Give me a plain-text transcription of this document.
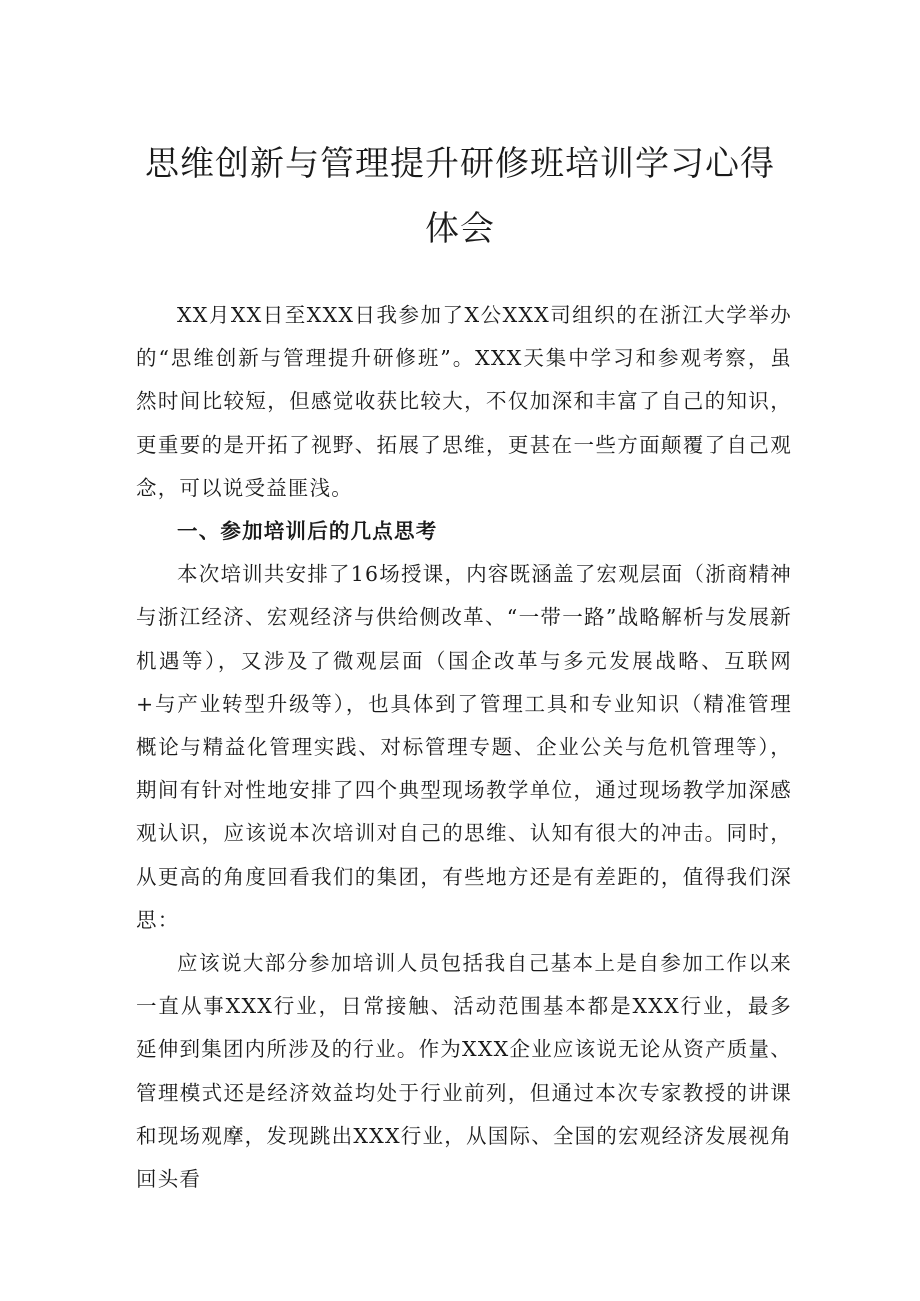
思维创新与管理提升研修班培训学习心得
体会

XX月XX日至XXX日我参加了X公XXX司组织的在浙江大学举办的“思维创新与管理提升研修班”。XXX天集中学习和参观考察，虽然时间比较短，但感觉收获比较大，不仅加深和丰富了自己的知识，更重要的是开拓了视野、拓展了思维，更甚在一些方面颠覆了自己观念，可以说受益匪浅。

一、参加培训后的几点思考

本次培训共安排了16场授课，内容既涵盖了宏观层面（浙商精神与浙江经济、宏观经济与供给侧改革、“一带一路”战略解析与发展新机遇等），又涉及了微观层面（国企改革与多元发展战略、互联网+与产业转型升级等），也具体到了管理工具和专业知识（精准管理概论与精益化管理实践、对标管理专题、企业公关与危机管理等），期间有针对性地安排了四个典型现场教学单位，通过现场教学加深感观认识，应该说本次培训对自己的思维、认知有很大的冲击。同时，从更高的角度回看我们的集团，有些地方还是有差距的，值得我们深思：

应该说大部分参加培训人员包括我自己基本上是自参加工作以来一直从事XXX行业，日常接触、活动范围基本都是XXX行业，最多延伸到集团内所涉及的行业。作为XXX企业应该说无论从资产质量、管理模式还是经济效益均处于行业前列，但通过本次专家教授的讲课和现场观摩，发现跳出XXX行业，从国际、全国的宏观经济发展视角回头看
